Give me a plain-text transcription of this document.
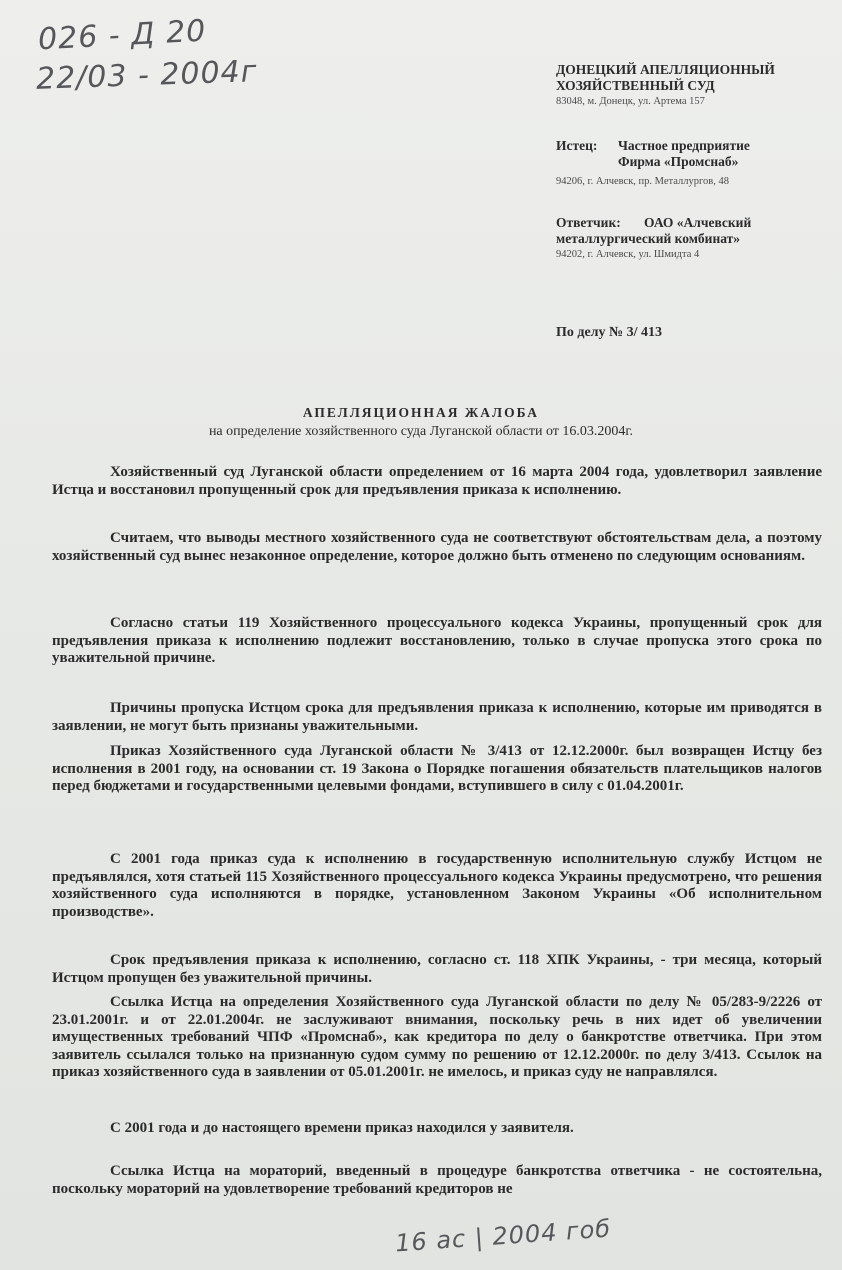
026 - Д 20
22/03 - 2004г	ДОНЕЦКИЙ АПЕЛЛЯЦИОННЫЙ
ХОЗЯЙСТВЕННЫЙ СУД
83048, м. Донецк, ул. Артема 157
Истец: Частное предприятие
Фирма «Промснаб»
94206, г. Алчевск, пр. Металлургов, 48
Ответчик: ОАО «Алчевский
металлургический комбинат»
94202, г. Алчевск, ул. Шмидта 4
По делу № 3/ 413
АПЕЛЛЯЦИОННАЯ ЖАЛОБА
на определение хозяйственного суда Луганской области от 16.03.2004г.

Хозяйственный суд Луганской области определением от 16 марта 2004 года, удовлетворил заявление Истца и восстановил пропущенный срок для предъявления приказа к исполнению.

Считаем, что выводы местного хозяйственного суда не соответствуют обстоятельствам дела, а поэтому хозяйственный суд вынес незаконное определение, которое должно быть отменено по следующим основаниям.

Согласно статьи 119 Хозяйственного процессуального кодекса Украины, пропущенный срок для предъявления приказа к исполнению подлежит восстановлению, только в случае пропуска этого срока по уважительной причине.

Причины пропуска Истцом срока для предъявления приказа к исполнению, которые им приводятся в заявлении, не могут быть признаны уважительными.

Приказ Хозяйственного суда Луганской области № 3/413 от 12.12.2000г. был возвращен Истцу без исполнения в 2001 году, на основании ст. 19 Закона о Порядке погашения обязательств плательщиков налогов перед бюджетами и государственными целевыми фондами, вступившего в силу с 01.04.2001г.

С 2001 года приказ суда к исполнению в государственную исполнительную службу Истцом не предъявлялся, хотя статьей 115 Хозяйственного процессуального кодекса Украины предусмотрено, что решения хозяйственного суда исполняются в порядке, установленном Законом Украины «Об исполнительном производстве».

Срок предъявления приказа к исполнению, согласно ст. 118 ХПК Украины, - три месяца, который Истцом пропущен без уважительной причины.

Ссылка Истца на определения Хозяйственного суда Луганской области по делу № 05/283-9/2226 от 23.01.2001г. и от 22.01.2004г. не заслуживают внимания, поскольку речь в них идет об увеличении имущественных требований ЧПФ «Промснаб», как кредитора по делу о банкротстве ответчика. При этом заявитель ссылался только на признанную судом сумму по решению от 12.12.2000г. по делу 3/413. Ссылок на приказ хозяйственного суда в заявлении от 05.01.2001г. не имелось, и приказ суду не направлялся.

С 2001 года и до настоящего времени приказ находился у заявителя.

Ссылка Истца на мораторий, введенный в процедуре банкротства ответчика - не состоятельна, поскольку мораторий на удовлетворение требований кредиторов не

16 ас | 2004 гоб
